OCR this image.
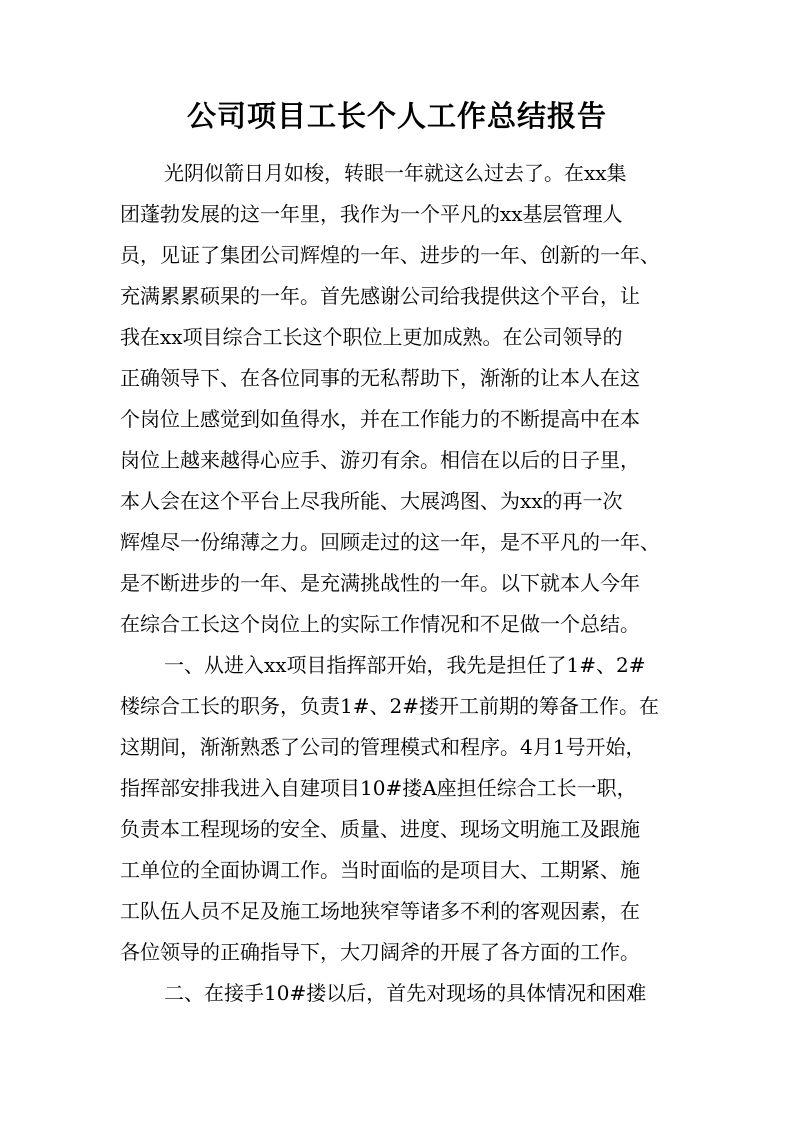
公司项目工长个人工作总结报告
光阴似箭日月如梭，转眼一年就这么过去了。在xx集
团蓬勃发展的这一年里，我作为一个平凡的xx基层管理人
员，见证了集团公司辉煌的一年、进步的一年、创新的一年、
充满累累硕果的一年。首先感谢公司给我提供这个平台，让
我在xx项目综合工长这个职位上更加成熟。在公司领导的
正确领导下、在各位同事的无私帮助下，渐渐的让本人在这
个岗位上感觉到如鱼得水，并在工作能力的不断提高中在本
岗位上越来越得心应手、游刃有余。相信在以后的日子里，
本人会在这个平台上尽我所能、大展鸿图、为xx的再一次
辉煌尽一份绵薄之力。回顾走过的这一年，是不平凡的一年、
是不断进步的一年、是充满挑战性的一年。以下就本人今年
在综合工长这个岗位上的实际工作情况和不足做一个总结。
一、从进入xx项目指挥部开始，我先是担任了1#、2#
楼综合工长的职务，负责1#、2#搂开工前期的筹备工作。在
这期间，渐渐熟悉了公司的管理模式和程序。4月1号开始，
指挥部安排我进入自建项目10#搂A座担任综合工长一职，
负责本工程现场的安全、质量、进度、现场文明施工及跟施
工单位的全面协调工作。当时面临的是项目大、工期紧、施
工队伍人员不足及施工场地狭窄等诸多不利的客观因素，在
各位领导的正确指导下，大刀阔斧的开展了各方面的工作。
二、在接手10#搂以后，首先对现场的具体情况和困难
